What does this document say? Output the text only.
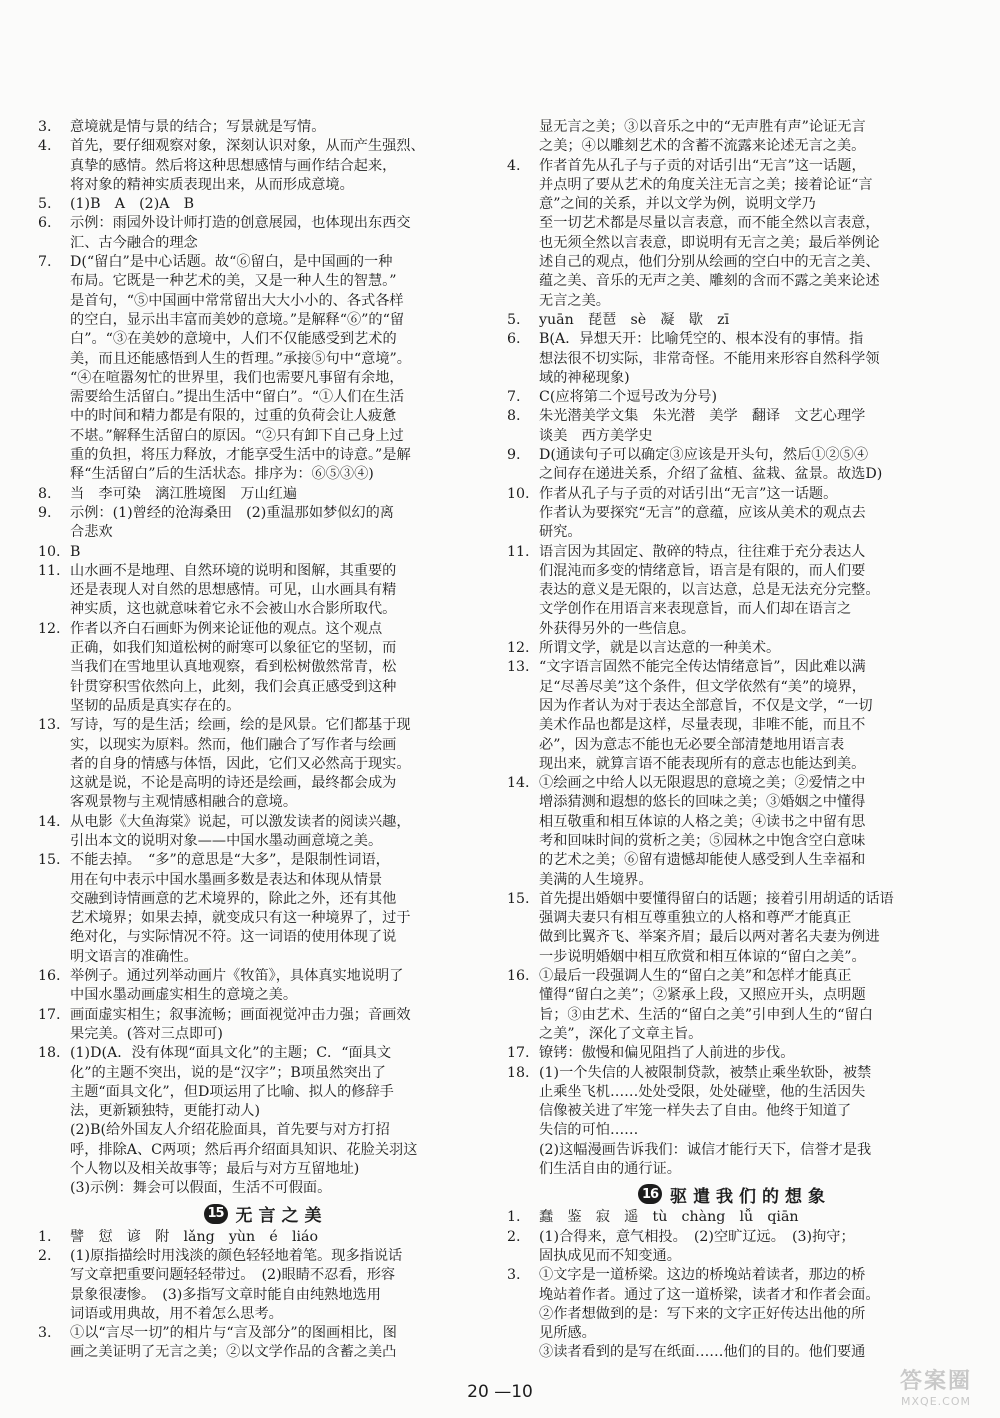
3.	意境就是情与景的结合；写景就是写情。

4.	首先，要仔细观察对象，深刻认识对象，从而产生强烈、

真挚的感情。然后将这种思想感情与画作结合起来，

将对象的精神实质表现出来，从而形成意境。

5.	(1)B　A　(2)A　B

6.	示例：雨园外设计师打造的创意展园，也体现出东西交

汇、古今融合的理念

7.	D(“留白”是中心话题。故“⑥留白，是中国画的一种

布局。它既是一种艺术的美，又是一种人生的智慧。”

是首句，“⑤中国画中常常留出大大小小的、各式各样

的空白，显示出丰富而美妙的意境。”是解释“⑥”的“留

白”。“③在美妙的意境中，人们不仅能感受到艺术的

美，而且还能感悟到人生的哲理。”承接⑤句中“意境”。

“④在喧嚣匆忙的世界里，我们也需要凡事留有余地，

需要给生活留白。”提出生活中“留白”。“①人们在生活

中的时间和精力都是有限的，过重的负荷会让人疲惫

不堪。”解释生活留白的原因。“②只有卸下自己身上过

重的负担，将压力释放，才能享受生活中的诗意。”是解

释“生活留白”后的生活状态。排序为：⑥⑤③④)

8.	当　李可染　漓江胜境图　万山红遍

9.	示例：(1)曾经的沧海桑田　(2)重温那如梦似幻的离

合悲欢

10. B

11. 山水画不是地理、自然环境的说明和图解，其重要的

还是表现人对自然的思想感情。可见，山水画具有精

神实质，这也就意味着它永不会被山水合影所取代。

12. 作者以齐白石画虾为例来论证他的观点。这个观点

正确，如我们知道松树的耐寒可以象征它的坚韧，而

当我们在雪地里认真地观察，看到松树傲然常青，松

针贯穿积雪依然向上，此刻，我们会真正感受到这种

坚韧的品质是真实存在的。

13. 写诗，写的是生活；绘画，绘的是风景。它们都基于现

实，以现实为原料。然而，他们融合了写作者与绘画

者的自身的情感与体悟，因此，它们又必然高于现实。

这就是说，不论是高明的诗还是绘画，最终都会成为

客观景物与主观情感相融合的意境。

14. 从电影《大鱼海棠》说起，可以激发读者的阅读兴趣，

引出本文的说明对象——中国水墨动画意境之美。

15. 不能去掉。　“多”的意思是“大多”，是限制性词语，

用在句中表示中国水墨画多数是表达和体现从情景

交融到诗情画意的艺术境界的，除此之外，还有其他

艺术境界；如果去掉，就变成只有这一种境界了，过于

绝对化，与实际情况不符。这一词语的使用体现了说

明文语言的准确性。

16. 举例子。通过列举动画片《牧笛》，具体真实地说明了

中国水墨动画虚实相生的意境之美。

17. 画面虚实相生；叙事流畅；画面视觉冲击力强；音画效

果完美。(答对三点即可)

18. (1)D(A．没有体现“面具文化”的主题；C．“面具文

化”的主题不突出，说的是“汉字”；B项虽然突出了

主题“面具文化”，但D项运用了比喻、拟人的修辞手

法，更新颖独特，更能打动人)

(2)B(给外国友人介绍花脸面具，首先要与对方打招

呼，排除A、C两项；然后再介绍面具知识、花脸关羽这

个人物以及相关故事等；最后与对方互留地址)

(3)示例：舞会可以假面，生活不可假面。

15 无言之美
1.	譬　愆　谚　附　lǎng　yùn　é　liáo

2.	(1)原指描绘时用浅淡的颜色轻轻地着笔。现多指说话

写文章把重要问题轻轻带过。　(2)眼睛不忍看，形容

景象很凄惨。　(3)多指写文章时能自由纯熟地选用

词语或用典故，用不着怎么思考。

3.	①以“言尽一切”的相片与“言及部分”的图画相比，图

画之美证明了无言之美；②以文学作品的含蓄之美凸

显无言之美；③以音乐之中的“无声胜有声”论证无言

之美；④以雕刻艺术的含蓄不流露来论述无言之美。

4.	作者首先从孔子与子贡的对话引出“无言”这一话题，

并点明了要从艺术的角度关注无言之美；接着论证“言

意”之间的关系，并以文学为例，说明文学乃

至一切艺术都是尽量以言表意，而不能全然以言表意，

也无须全然以言表意，即说明有无言之美；最后举例论

述自己的观点，他们分别从绘画的空白中的无言之美、

蕴之美、音乐的无声之美、雕刻的含而不露之美来论述

无言之美。

5.	yuān　琵琶　sè　凝　歇　zī

6.	B(A．异想天开：比喻凭空的、根本没有的事情。指

想法很不切实际，非常奇怪。不能用来形容自然科学领

域的神秘现象)

7.	C(应将第二个逗号改为分号)

8.	朱光潜美学文集　朱光潜　美学　翻译　文艺心理学

谈美　西方美学史

9.	D(通读句子可以确定③应该是开头句，然后①②⑤④

之间存在递进关系，介绍了盆植、盆栽、盆景。故选D)

10. 作者从孔子与子贡的对话引出“无言”这一话题。

作者认为要探究“无言”的意蕴，应该从美术的观点去

研究。

11. 语言因为其固定、散碎的特点，往往难于充分表达人

们混沌而多变的情绪意旨，语言是有限的，而人们要

表达的意义是无限的，以言达意，总是无法充分完整。

文学创作在用语言来表现意旨，而人们却在语言之

外获得另外的一些信息。

12. 所谓文学，就是以言达意的一种美术。

13. “文字语言固然不能完全传达情绪意旨”，因此难以满

足“尽善尽美”这个条件，但文学依然有“美”的境界，

因为作者认为对于表达全部意旨，不仅是文学，“一切

美术作品也都是这样，尽量表现，非唯不能，而且不

必”，因为意志不能也无必要全部清楚地用语言表

现出来，就算言语不能表现所有的意志也能达到美。

14. ①绘画之中给人以无限遐思的意境之美；②爱情之中

增添猜测和遐想的悠长的回味之美；③婚姻之中懂得

相互敬重和相互体谅的人格之美；④读书之中留有思

考和回味时间的赏析之美；⑤园林之中饱含空白意味

的艺术之美；⑥留有遗憾却能使人感受到人生幸福和

美满的人生境界。

15. 首先提出婚姻中要懂得留白的话题；接着引用胡适的话语

强调夫妻只有相互尊重独立的人格和尊严才能真正

做到比翼齐飞、举案齐眉；最后以两对著名夫妻为例进

一步说明婚姻中相互欣赏和相互体谅的“留白之美”。

16. ①最后一段强调人生的“留白之美”和怎样才能真正

懂得“留白之美”；②紧承上段，又照应开头，点明题

旨；③由艺术、生活的“留白之美”引申到人生的“留白

之美”，深化了文章主旨。

17. 镣铐：傲慢和偏见阻挡了人前进的步伐。

18. (1)一个失信的人被限制贷款，被禁止乘坐软卧，被禁

止乘坐飞机……处处受限，处处碰壁，他的生活因失

信像被关进了牢笼一样失去了自由。他终于知道了

失信的可怕……

(2)这幅漫画告诉我们：诚信才能行天下，信誉才是我

们生活自由的通行证。

16 驱遣我们的想象
1.	蠢　鉴　寂　遥　tù　chàng　lǚ　qiān

2.	(1)合得来，意气相投。　(2)空旷辽远。　(3)拘守；

固执成见而不知变通。

3.	①文字是一道桥梁。这边的桥堍站着读者，那边的桥

堍站着作者。通过了这一道桥梁，读者才和作者会面。

②作者想做到的是：写下来的文字正好传达出他的所

见所感。

③读者看到的是写在纸面……他们的目的。他们要通

20 —10	答案圈
MXQE.COM
